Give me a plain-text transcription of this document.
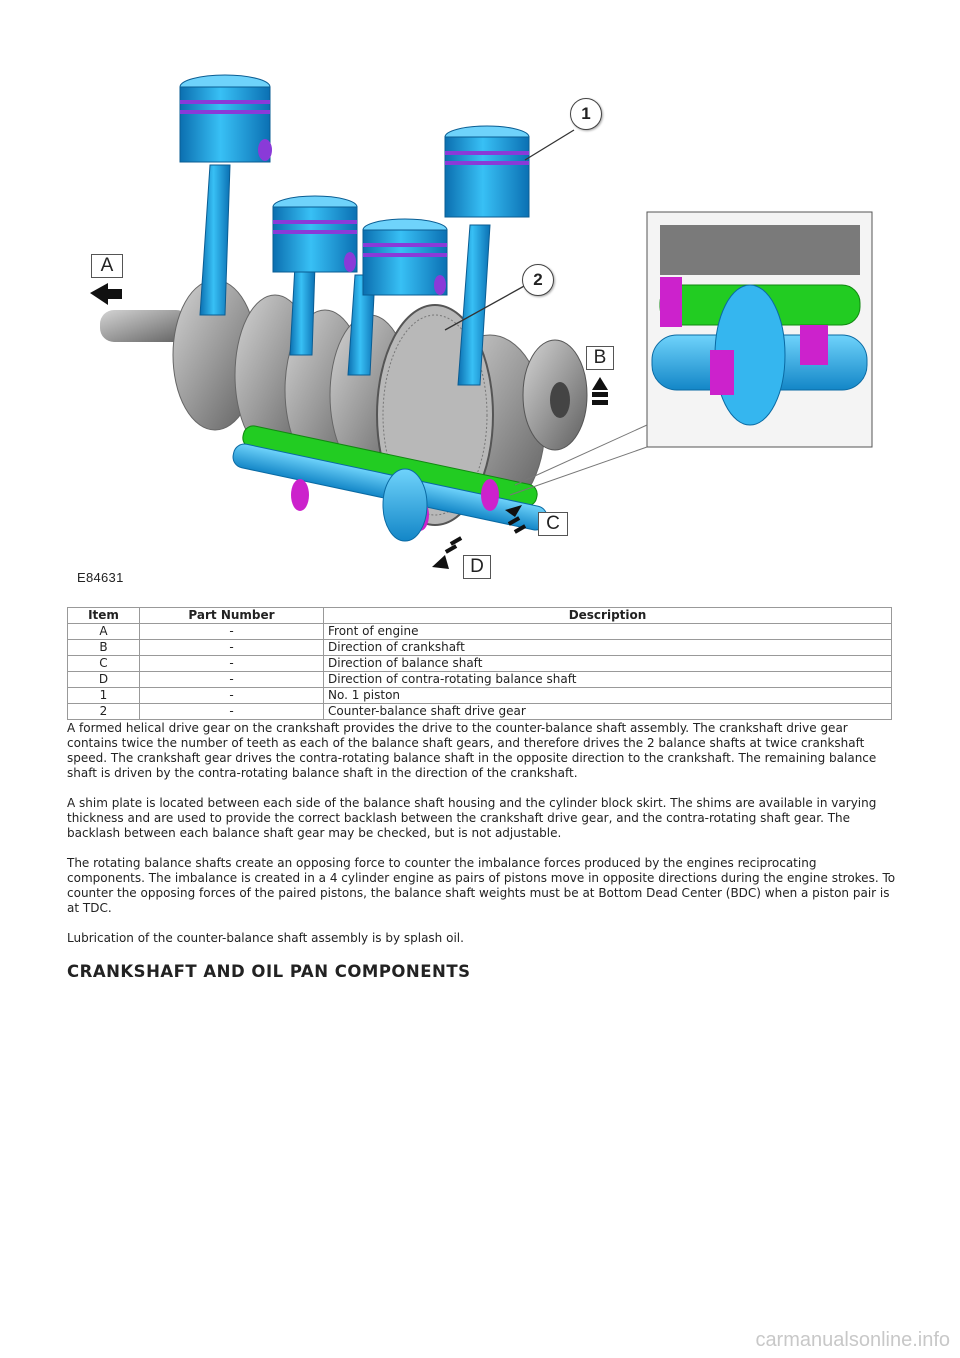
A
B
C
D
1
2
E84631
Item	Part Number	Description
A	-	Front of engine
B	-	Direction of crankshaft
C	-	Direction of balance shaft
D	-	Direction of contra-rotating balance shaft
1	-	No. 1 piston
2	-	Counter-balance shaft drive gear

A formed helical drive gear on the crankshaft provides the drive to the counter-balance shaft assembly. The crankshaft drive gear contains twice the number of teeth as each of the balance shaft gears, and therefore drives the 2 balance shafts at twice crankshaft speed. The crankshaft gear drives the contra-rotating balance shaft in the opposite direction to the crankshaft. The remaining balance shaft is driven by the contra-rotating balance shaft in the direction of the crankshaft.

A shim plate is located between each side of the balance shaft housing and the cylinder block skirt. The shims are available in varying thickness and are used to provide the correct backlash between the crankshaft drive gear, and the contra-rotating shaft gear. The backlash between each balance shaft gear may be checked, but is not adjustable.

The rotating balance shafts create an opposing force to counter the imbalance forces produced by the engines reciprocating components. The imbalance is created in a 4 cylinder engine as pairs of pistons move in opposite directions during the engine strokes. To counter the opposing forces of the paired pistons, the balance shaft weights must be at Bottom Dead Center (BDC) when a piston pair is at TDC.

Lubrication of the counter-balance shaft assembly is by splash oil.

CRANKSHAFT AND OIL PAN COMPONENTS
carmanualsonline.info
